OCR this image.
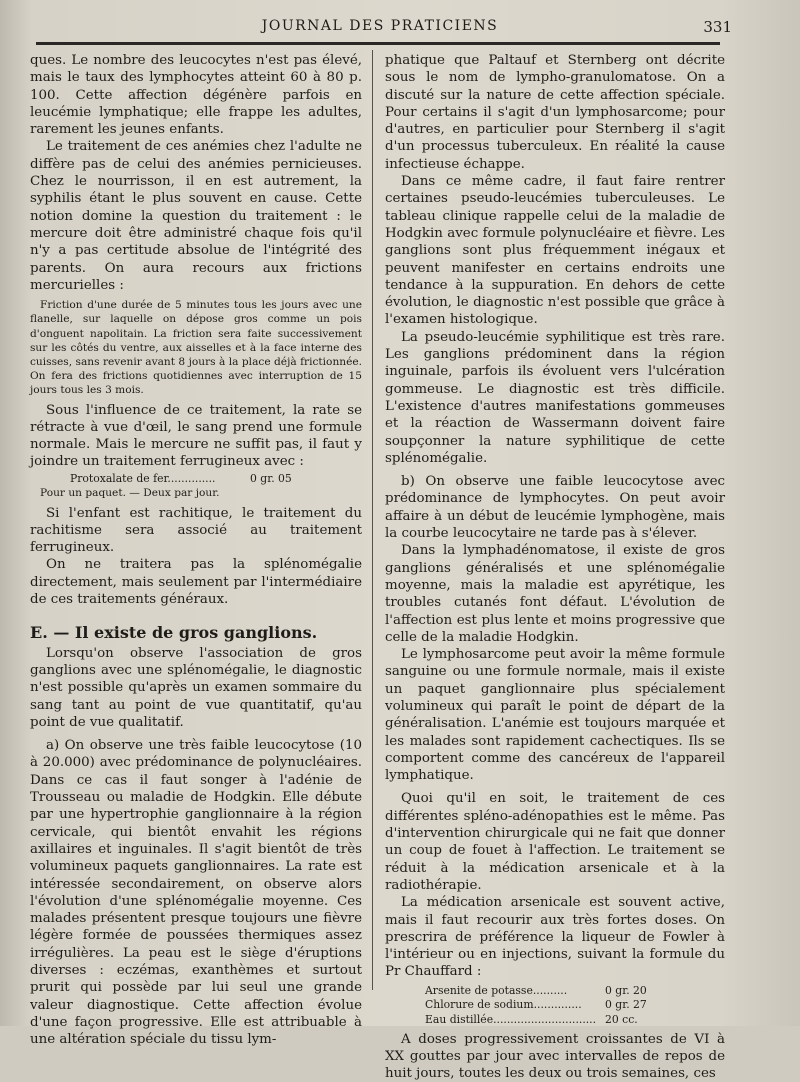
JOURNAL DES PRATICIENS	331

ques. Le nombre des leucocytes n'est pas élevé, mais le taux des lymphocytes atteint 60 à 80 p. 100. Cette affection dégénère parfois en leucémie lymphatique; elle frappe les adultes, rarement les jeunes enfants.

Le traitement de ces anémies chez l'adulte ne diffère pas de celui des anémies pernicieuses. Chez le nourrisson, il en est autrement, la syphilis étant le plus souvent en cause. Cette notion domine la question du traitement : le mercure doit être administré chaque fois qu'il n'y a pas certitude absolue de l'intégrité des parents. On aura recours aux frictions mercurielles :

Friction d'une durée de 5 minutes tous les jours avec une flanelle, sur laquelle on dépose gros comme un pois d'onguent napolitain. La friction sera faite successivement sur les côtés du ventre, aux aisselles et à la face interne des cuisses, sans revenir avant 8 jours à la place déjà frictionnée. On fera des frictions quotidiennes avec interruption de 15 jours tous les 3 mois.

Sous l'influence de ce traitement, la rate se rétracte à vue d'œil, le sang prend une formule normale. Mais le mercure ne suffit pas, il faut y joindre un traitement ferrugineux avec :

Protoxalate de fer..............	0 gr. 05

Pour un paquet. — Deux par jour.

Si l'enfant est rachitique, le traitement du rachitisme sera associé au traitement ferrugineux.

On ne traitera pas la splénomégalie directement, mais seulement par l'intermédiaire de ces traitements généraux.

E. — Il existe de gros ganglions.

Lorsqu'on observe l'association de gros ganglions avec une splénomégalie, le diagnostic n'est possible qu'après un examen sommaire du sang tant au point de vue quantitatif, qu'au point de vue qualitatif.

a) On observe une très faible leucocytose (10 à 20.000) avec prédominance de polynucléaires. Dans ce cas il faut songer à l'adénie de Trousseau ou maladie de Hodgkin. Elle débute par une hypertrophie ganglionnaire à la région cervicale, qui bientôt envahit les régions axillaires et inguinales. Il s'agit bientôt de très volumineux paquets ganglionnaires. La rate est intéressée secondairement, on observe alors l'évolution d'une splénomégalie moyenne. Ces malades présentent presque toujours une fièvre légère formée de poussées thermiques assez irrégulières. La peau est le siège d'éruptions diverses : eczémas, exanthèmes et surtout prurit qui possède par lui seul une grande valeur diagnostique. Cette affection évolue d'une façon progressive. Elle est attribuable à une altération spéciale du tissu lym-

phatique que Paltauf et Sternberg ont décrite sous le nom de lympho-granulomatose. On a discuté sur la nature de cette affection spéciale. Pour certains il s'agit d'un lymphosarcome; pour d'autres, en particulier pour Sternberg il s'agit d'un processus tuberculeux. En réalité la cause infectieuse échappe.

Dans ce même cadre, il faut faire rentrer certaines pseudo-leucémies tuberculeuses. Le tableau clinique rappelle celui de la maladie de Hodgkin avec formule polynucléaire et fièvre. Les ganglions sont plus fréquemment inégaux et peuvent manifester en certains endroits une tendance à la suppuration. En dehors de cette évolution, le diagnostic n'est possible que grâce à l'examen histologique.

La pseudo-leucémie syphilitique est très rare. Les ganglions prédominent dans la région inguinale, parfois ils évoluent vers l'ulcération gommeuse. Le diagnostic est très difficile. L'existence d'autres manifestations gommeuses et la réaction de Wassermann doivent faire soupçonner la nature syphilitique de cette splénomégalie.

b) On observe une faible leucocytose avec prédominance de lymphocytes. On peut avoir affaire à un début de leucémie lymphogène, mais la courbe leucocytaire ne tarde pas à s'élever.

Dans la lymphadénomatose, il existe de gros ganglions généralisés et une splénomégalie moyenne, mais la maladie est apyrétique, les troubles cutanés font défaut. L'évolution de l'affection est plus lente et moins progressive que celle de la maladie Hodgkin.

Le lymphosarcome peut avoir la même formule sanguine ou une formule normale, mais il existe un paquet ganglionnaire plus spécialement volumineux qui paraît le point de départ de la généralisation. L'anémie est toujours marquée et les malades sont rapidement cachectiques. Ils se comportent comme des cancéreux de l'appareil lymphatique.

Quoi qu'il en soit, le traitement de ces différentes spléno-adénopathies est le même. Pas d'intervention chirurgicale qui ne fait que donner un coup de fouet à l'affection. Le traitement se réduit à la médication arsenicale et à la radiothérapie.

La médication arsenicale est souvent active, mais il faut recourir aux très fortes doses. On prescrira de préférence la liqueur de Fowler à l'intérieur ou en injections, suivant la formule du Pr Chauffard :

Arsenite de potasse..........	0 gr. 20
Chlorure de sodium..............	0 gr. 27
Eau distillée.............................. 20 cc.

A doses progressivement croissantes de VI à XX gouttes par jour avec intervalles de repos de huit jours, toutes les deux ou trois semaines, ces
